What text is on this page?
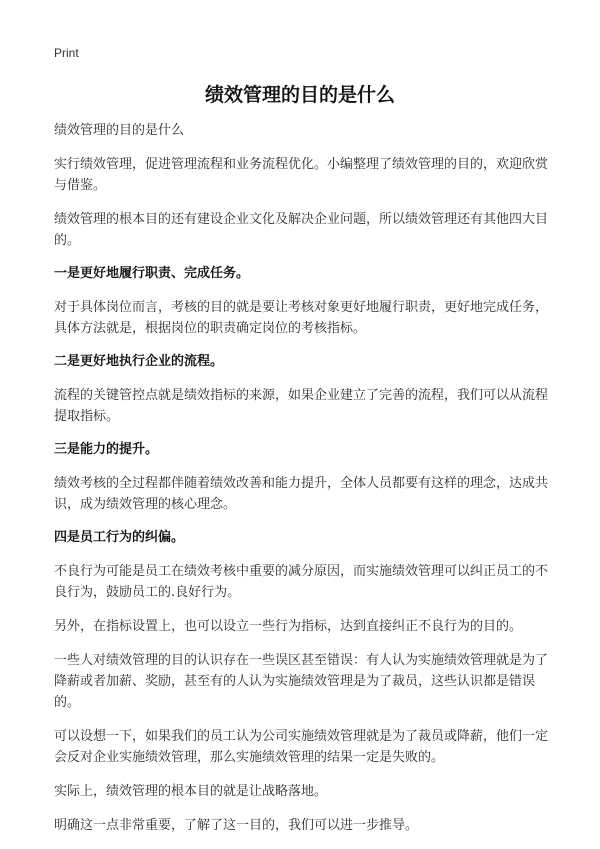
Print
绩效管理的目的是什么

绩效管理的目的是什么

实行绩效管理，促进管理流程和业务流程优化。小编整理了绩效管理的目的，欢迎欣赏与借鉴。

绩效管理的根本目的还有建设企业文化及解决企业问题，所以绩效管理还有其他四大目的。

一是更好地履行职责、完成任务。

对于具体岗位而言，考核的目的就是要让考核对象更好地履行职责，更好地完成任务，具体方法就是，根据岗位的职责确定岗位的考核指标。

二是更好地执行企业的流程。

流程的关键管控点就是绩效指标的来源，如果企业建立了完善的流程，我们可以从流程提取指标。

三是能力的提升。

绩效考核的全过程都伴随着绩效改善和能力提升，全体人员都要有这样的理念，达成共识，成为绩效管理的核心理念。

四是员工行为的纠偏。

不良行为可能是员工在绩效考核中重要的减分原因，而实施绩效管理可以纠正员工的不良行为，鼓励员工的.良好行为。

另外，在指标设置上，也可以设立一些行为指标，达到直接纠正不良行为的目的。

一些人对绩效管理的目的认识存在一些误区甚至错误：有人认为实施绩效管理就是为了降薪或者加薪、奖励，甚至有的人认为实施绩效管理是为了裁员，这些认识都是错误的。

可以设想一下，如果我们的员工认为公司实施绩效管理就是为了裁员或降薪，他们一定会反对企业实施绩效管理，那么实施绩效管理的结果一定是失败的。

实际上，绩效管理的根本目的就是让战略落地。

明确这一点非常重要，了解了这一目的，我们可以进一步推导。
